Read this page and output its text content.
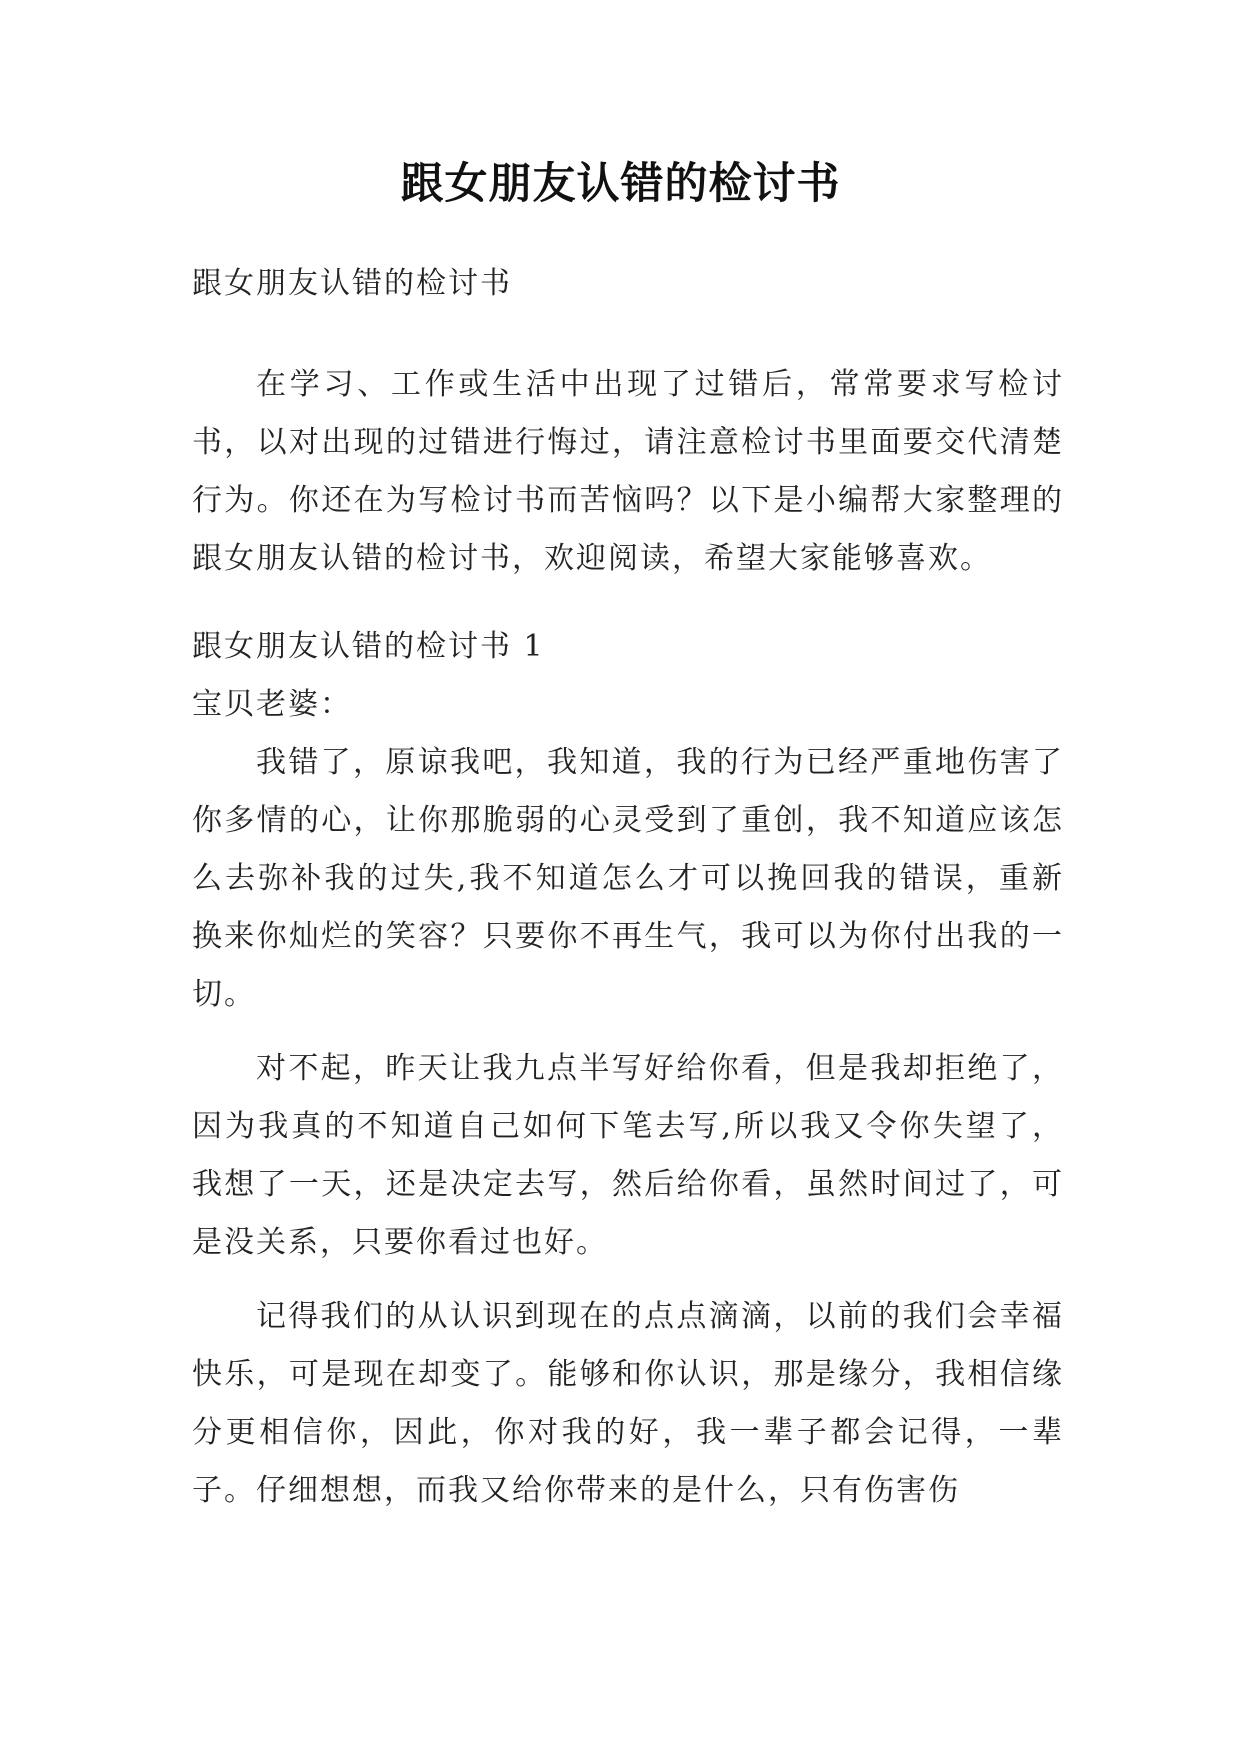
跟女朋友认错的检讨书
跟女朋友认错的检讨书

在学习、工作或生活中出现了过错后，常常要求写检讨书，以对出现的过错进行悔过，请注意检讨书里面要交代清楚行为。你还在为写检讨书而苦恼吗？以下是小编帮大家整理的跟女朋友认错的检讨书，欢迎阅读，希望大家能够喜欢。

跟女朋友认错的检讨书 1
宝贝老婆：

我错了，原谅我吧，我知道，我的行为已经严重地伤害了你多情的心，让你那脆弱的心灵受到了重创，我不知道应该怎么去弥补我的过失,我不知道怎么才可以挽回我的错误，重新换来你灿烂的笑容？只要你不再生气，我可以为你付出我的一切。

对不起，昨天让我九点半写好给你看，但是我却拒绝了，因为我真的不知道自己如何下笔去写,所以我又令你失望了，我想了一天，还是决定去写，然后给你看，虽然时间过了，可是没关系，只要你看过也好。

记得我们的从认识到现在的点点滴滴，以前的我们会幸福快乐，可是现在却变了。能够和你认识，那是缘分，我相信缘分更相信你，因此，你对我的好，我一辈子都会记得，一辈子。仔细想想，而我又给你带来的是什么，只有伤害伤
